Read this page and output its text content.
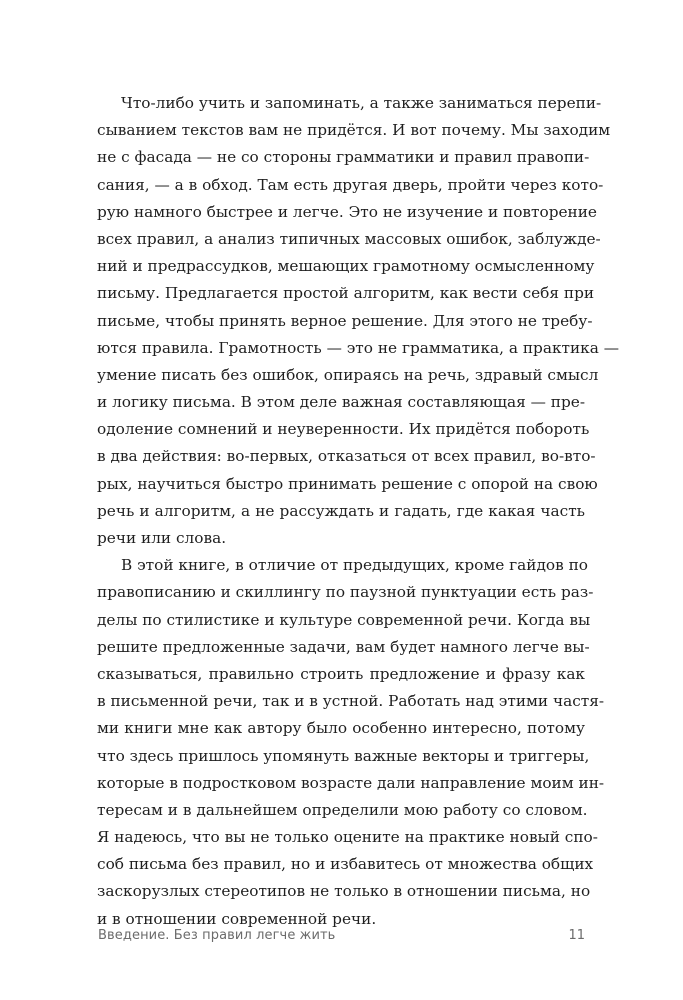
Что-либо учить и запоминать, а также заниматься перепи-
сыванием текстов вам не придётся. И вот почему. Мы заходим
не с фасада — не со стороны грамматики и правил правопи-
сания, — а в обход. Там есть другая дверь, пройти через кото-
рую намного быстрее и легче. Это не изучение и повторение
всех правил, а анализ типичных массовых ошибок, заблужде-
ний и предрассудков, мешающих грамотному осмысленному
письму. Предлагается простой алгоритм, как вести себя при
письме, чтобы принять верное решение. Для этого не требу-
ются правила. Грамотность — это не грамматика, а практика —
умение писать без ошибок, опираясь на речь, здравый смысл
и логику письма. В этом деле важная составляющая — пре-
одоление сомнений и неуверенности. Их придётся побороть
в два действия: во-первых, отказаться от всех правил, во-вто-
рых, научиться быстро принимать решение с опорой на свою
речь и алгоритм, а не рассуждать и гадать, где какая часть
речи или слова.
В этой книге, в отличие от предыдущих, кроме гайдов по
правописанию и скиллингу по паузной пунктуации есть раз-
делы по стилистике и культуре современной речи. Когда вы
решите предложенные задачи, вам будет намного легче вы-
сказываться, правильно строить предложение и фразу как
в письменной речи, так и в устной. Работать над этими частя-
ми книги мне как автору было особенно интересно, потому
что здесь пришлось упомянуть важные векторы и триггеры,
которые в подростковом возрасте дали направление моим ин-
тересам и в дальнейшем определили мою работу со словом.
Я надеюсь, что вы не только оцените на практике новый спо-
соб письма без правил, но и избавитесь от множества общих
заскорузлых стереотипов не только в отношении письма, но
и в отношении современной речи.
Введение. Без правил легче жить	11
